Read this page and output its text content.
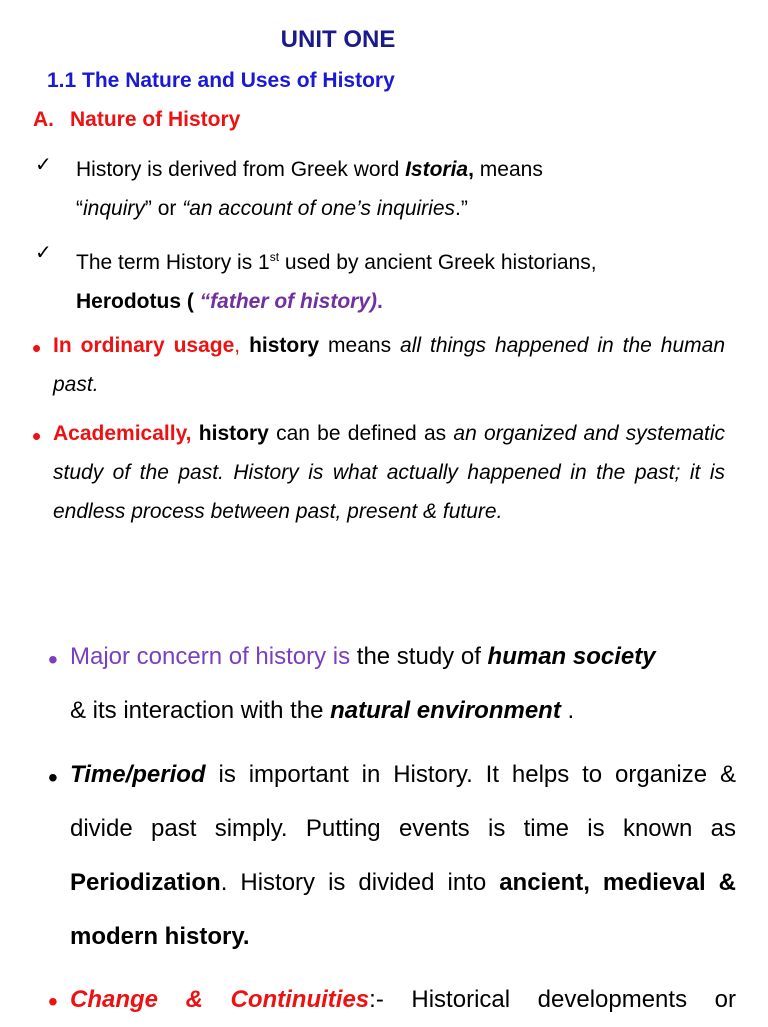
UNIT ONE
1.1 The Nature and Uses of History
A. Nature of History
✓ History is derived from Greek word Istoria, means
“inquiry” or “an account of one’s inquiries.”
✓ The term History is 1st used by ancient Greek historians,
Herodotus ( “father of history).
• In ordinary usage, history means all things happened in the human past.
• Academically, history can be defined as an organized and systematic study of the past. History is what actually happened in the past; it is endless process between past, present & future.
• Major concern of history is the study of human society
& its interaction with the natural environment .
• Time/period is important in History. It helps to organize & divide past simply. Putting events is time is known as Periodization. History is divided into ancient, medieval & modern history.
• Change & Continuities:- Historical developments or
